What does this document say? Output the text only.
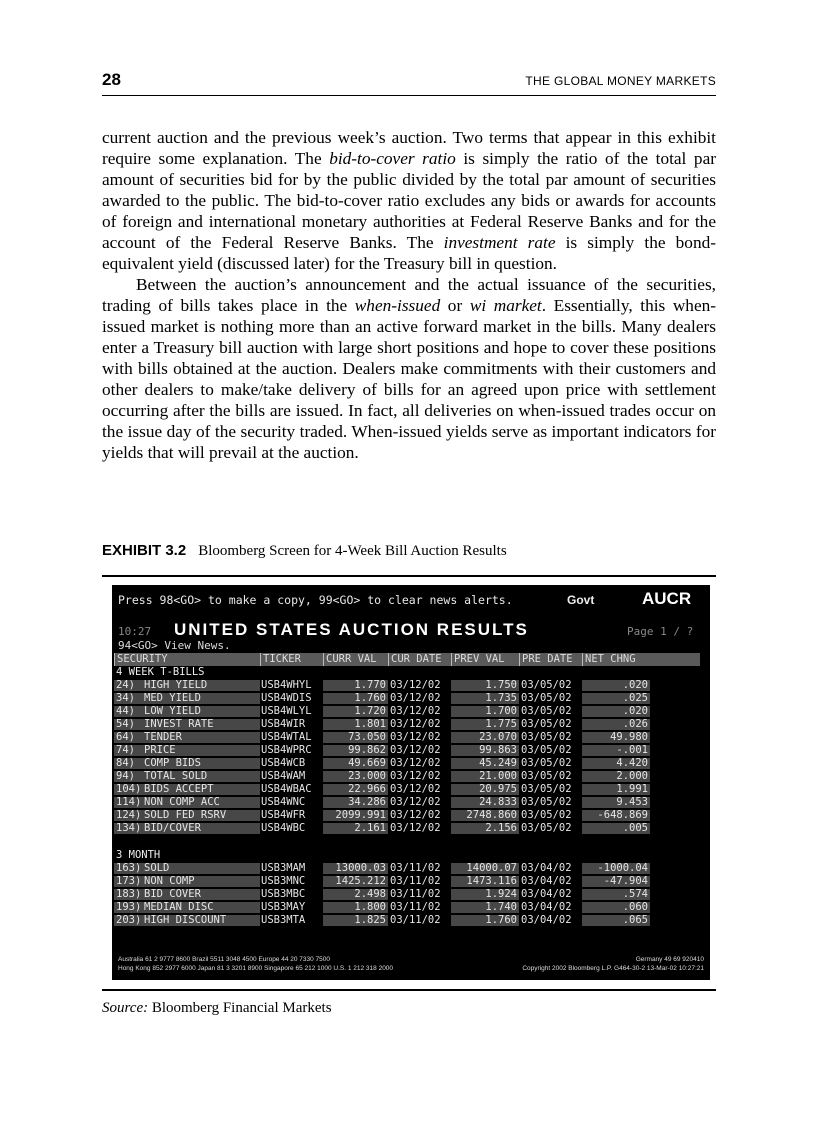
28	THE GLOBAL MONEY MARKETS

current auction and the previous week’s auction. Two terms that appear in this exhibit require some explanation. The bid-to-cover ratio is simply the ratio of the total par amount of securities bid for by the public divided by the total par amount of securities awarded to the public. The bid-to-cover ratio excludes any bids or awards for accounts of foreign and international monetary authorities at Federal Reserve Banks and for the account of the Federal Reserve Banks. The investment rate is simply the bond-equivalent yield (discussed later) for the Treasury bill in question.

Between the auction’s announcement and the actual issuance of the securities, trading of bills takes place in the when-issued or wi market. Essentially, this when-issued market is nothing more than an active forward market in the bills. Many dealers enter a Treasury bill auction with large short positions and hope to cover these positions with bills obtained at the auction. Dealers make commitments with their customers and other dealers to make/take delivery of bills for an agreed upon price with settlement occurring after the bills are issued. In fact, all deliveries on when-issued trades occur on the issue day of the security traded. When-issued yields serve as important indicators for yields that will prevail at the auction.

EXHIBIT 3.2 Bloomberg Screen for 4-Week Bill Auction Results
Press 98<GO> to make a copy, 99<GO> to clear news alerts.	Govt	AUCR
10:27 UNITED STATES AUCTION RESULTS	Page 1 / ?
94<GO> View News.
SECURITY	TICKER	CURR VAL	CUR DATE	PREV VAL	PRE DATE	NET CHNG
4 WEEK T-BILLS
24) HIGH YIELD	USB4WHYL	1.770 03/12/02	1.750 03/05/02	.020
34) MED YIELD	USB4WDIS	1.760 03/12/02	1.735 03/05/02	.025
44) LOW YIELD	USB4WLYL	1.720 03/12/02	1.700 03/05/02	.020
54) INVEST RATE	USB4WIR	1.801 03/12/02	1.775 03/05/02	.026
64) TENDER	USB4WTAL	73.050 03/12/02	23.070 03/05/02	49.980
74) PRICE	USB4WPRC	99.862 03/12/02	99.863 03/05/02	-.001
84) COMP BIDS	USB4WCB	49.669 03/12/02	45.249 03/05/02	4.420
94) TOTAL SOLD	USB4WAM	23.000 03/12/02	21.000 03/05/02	2.000
104) BIDS ACCEPT	USB4WBAC	22.966 03/12/02	20.975 03/05/02	1.991
114) NON COMP ACC	USB4WNC	34.286 03/12/02	24.833 03/05/02	9.453
124) SOLD FED RSRV	USB4WFR	2099.991 03/12/02	2748.860 03/05/02	-648.869
134) BID/COVER	USB4WBC	2.161 03/12/02	2.156 03/05/02	.005
3 MONTH
163) SOLD	USB3MAM	13000.03 03/11/02	14000.07 03/04/02	-1000.04
173) NON COMP	USB3MNC	1425.212 03/11/02	1473.116 03/04/02	-47.904
183) BID COVER	USB3MBC	2.498 03/11/02	1.924 03/04/02	.574
193) MEDIAN DISC	USB3MAY	1.800 03/11/02	1.740 03/04/02	.060
203) HIGH DISCOUNT	USB3MTA	1.825 03/11/02	1.760 03/04/02	.065
Australia 61 2 9777 8600 Brazil 5511 3048 4500 Europe 44 20 7330 7500	Germany 49 69 920410
Hong Kong 852 2977 6000 Japan 81 3 3201 8900 Singapore 65 212 1000 U.S. 1 212 318 2000	Copyright 2002 Bloomberg L.P. G464-30-2 13-Mar-02 10:27:21
Source: Bloomberg Financial Markets
